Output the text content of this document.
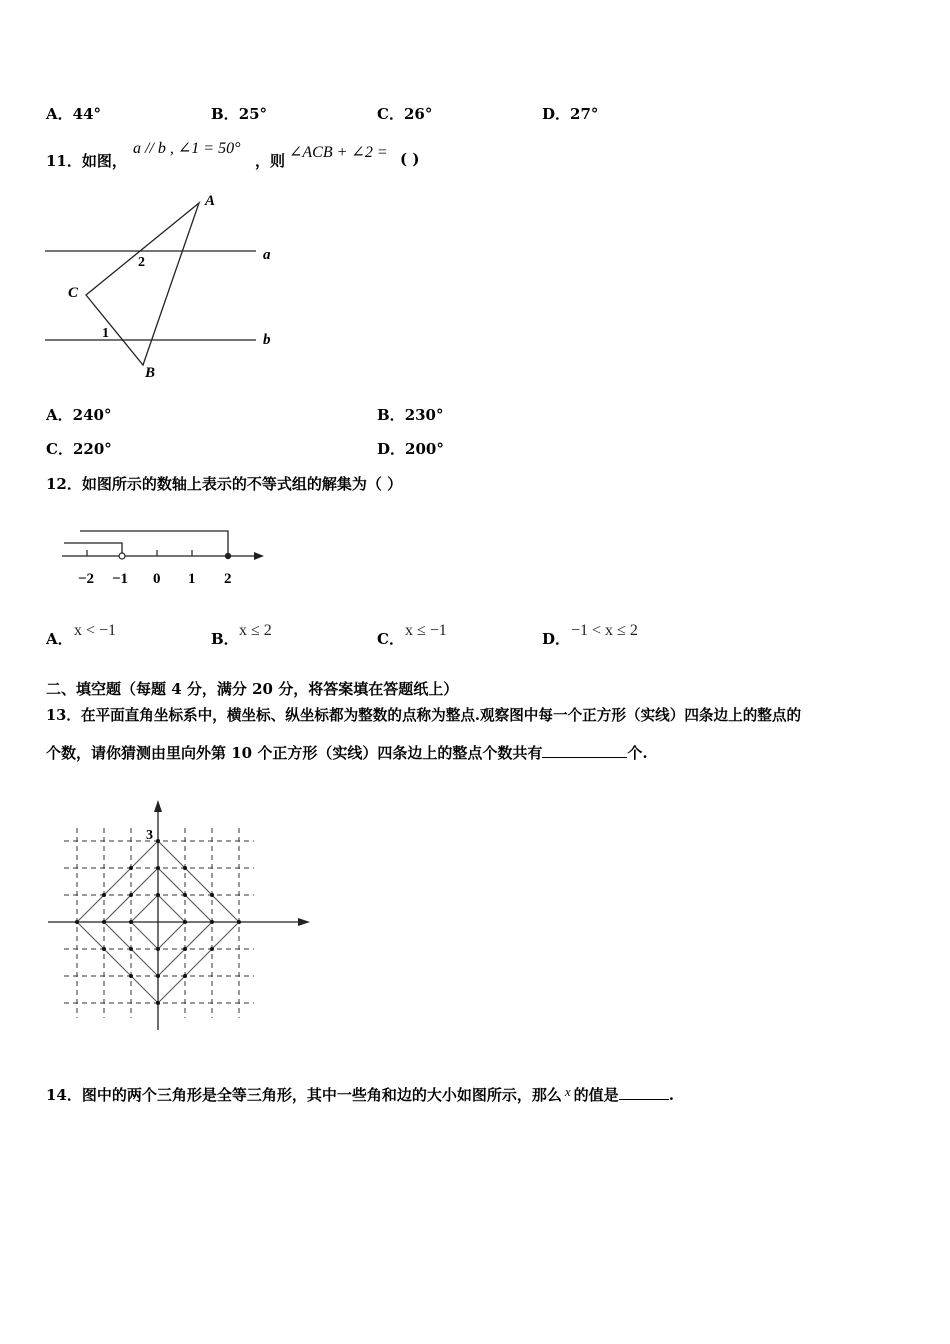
A．44°	B．25°	C．26°	D．27°
11．如图，
a // b , ∠1 = 50°
，则 ∠ACB + ∠2 = ( )
A
a
2
C
1	b
B
A．240°	B．230°
C．220°	D．200°
12．如图所示的数轴上表示的不等式组的解集为（ ）
−2 −1 0 1 2
A． x < −1	B． x ≤ 2	C． x ≤ −1	D． −1 < x ≤ 2
二、填空题（每题 4 分，满分 20 分，将答案填在答题纸上）
13．在平面直角坐标系中，横坐标、纵坐标都为整数的点称为整点.观察图中每一个正方形（实线）四条边上的整点的
个数，请你猜测由里向外第 10 个正方形（实线）四条边上的整点个数共有	个.
3
14．图中的两个三角形是全等三角形，其中一些角和边的大小如图所示，那么 x 的值是	.
